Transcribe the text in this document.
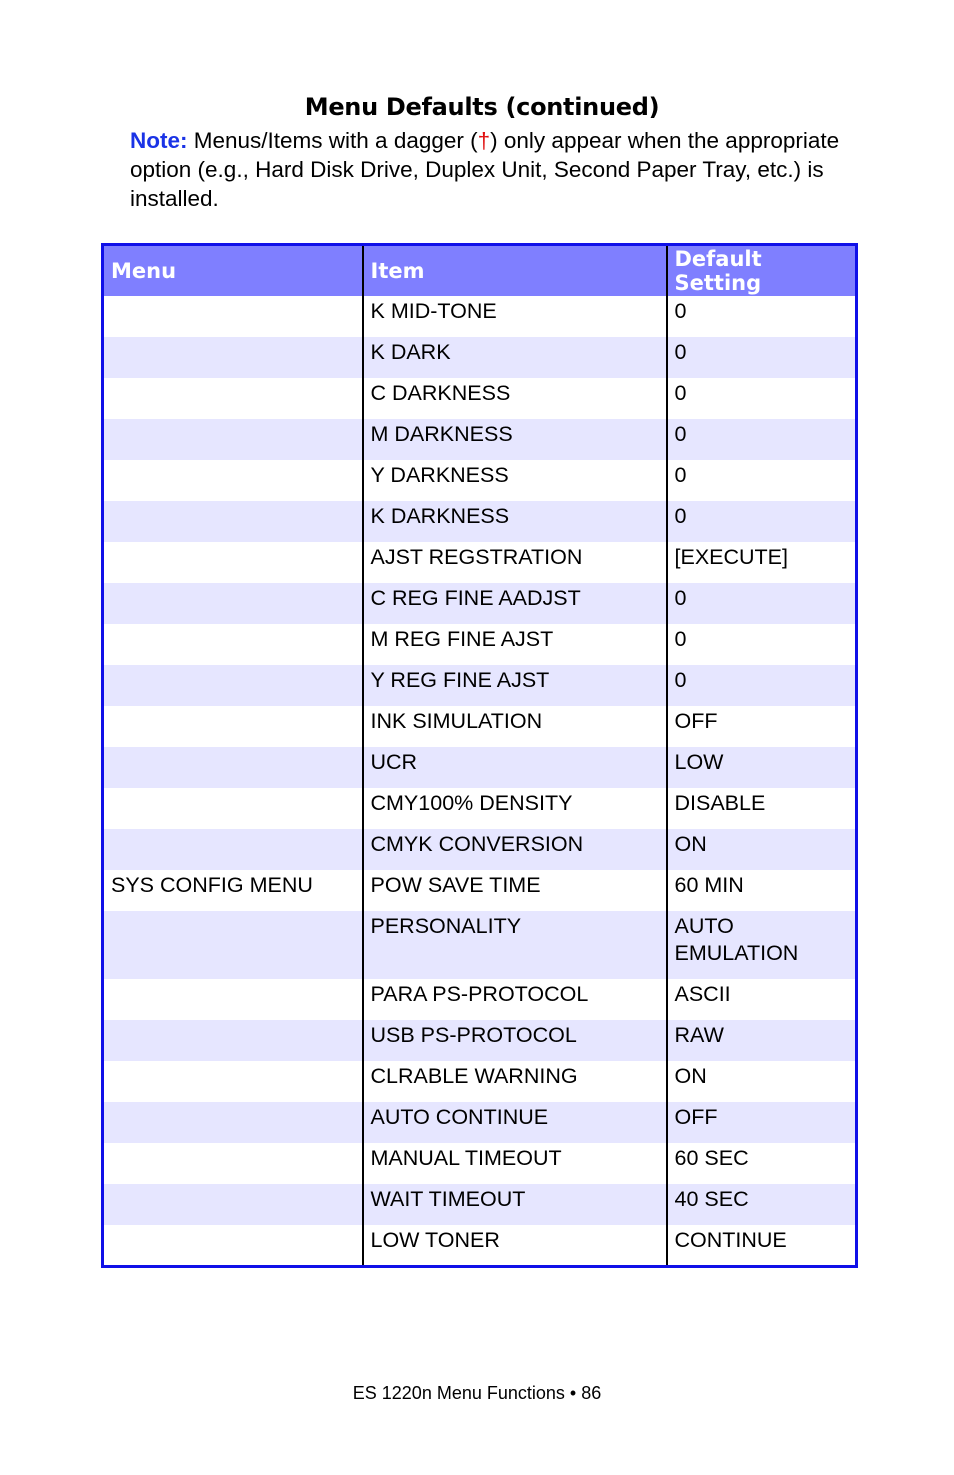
Menu Defaults (continued)

Note: Menus/Items with a dagger (†) only appear when the appropriate option (e.g., Hard Disk Drive, Duplex Unit, Second Paper Tray, etc.) is installed.

Menu	Item	Default Setting
	K MID-TONE	0
	K DARK	0
	C DARKNESS	0
	M DARKNESS	0
	Y DARKNESS	0
	K DARKNESS	0
	AJST REGSTRATION	[EXECUTE]
	C REG FINE AADJST	0
	M REG FINE AJST	0
	Y REG FINE AJST	0
	INK SIMULATION	OFF
	UCR	LOW
	CMY100% DENSITY	DISABLE
	CMYK CONVERSION	ON
SYS CONFIG MENU	POW SAVE TIME	60 MIN
	PERSONALITY	AUTO EMULATION
	PARA PS-PROTOCOL	ASCII
	USB PS-PROTOCOL	RAW
	CLRABLE WARNING	ON
	AUTO CONTINUE	OFF
	MANUAL TIMEOUT	60 SEC
	WAIT TIMEOUT	40 SEC
	LOW TONER	CONTINUE

ES 1220n Menu Functions • 86
